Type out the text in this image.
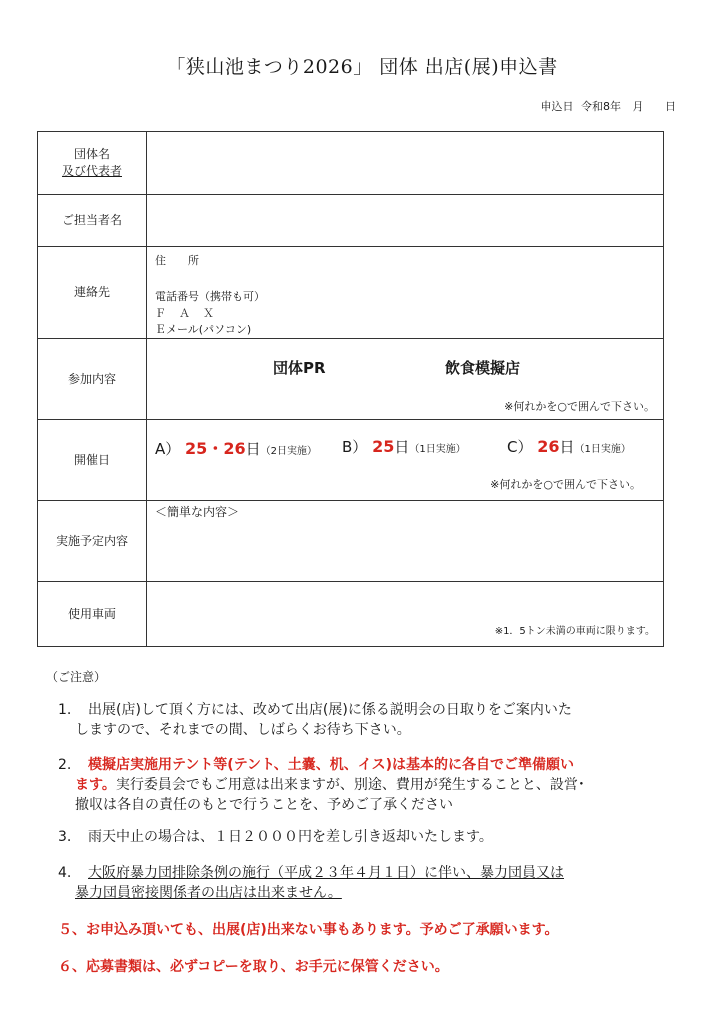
「狭山池まつり2026」 団体 出店(展)申込書
申込日 令和8年 月 日
団体名
及び代表者	

ご担当者名	
連絡先	住　　所
電話番号（携帯も可）
Ｆ　Ａ　Ｘ
Ｅメール(パソコン)

参加内容	団体PR 飲食模擬店
※何れかを○で囲んで下さい。

開催日	A） 25・26日（2日実施） B） 25日（1日実施） C） 26日（1日実施）
※何れかを○で囲んで下さい。

実施予定内容	＜簡単な内容＞

使用車両	※1．5トン未満の車両に限ります。
（ご注意）
1. 出展(店)して頂く方には、改めて出店(展)に係る説明会の日取りをご案内いた
しますので、それまでの間、しばらくお待ち下さい。
2. 模擬店実施用テント等(テント、土嚢、机、イス)は基本的に各自でご準備願い
ます。実行委員会でもご用意は出来ますが、別途、費用が発生することと、設営･
撤収は各自の責任のもとで行うことを、予めご了承ください
3. 雨天中止の場合は、１日２０００円を差し引き返却いたします。
4. 大阪府暴力団排除条例の施行（平成２３年４月１日）に伴い、暴力団員又は
暴力団員密接関係者の出店は出来ません。
５、お申込み頂いても、出展(店)出来ない事もあります。予めご了承願います。
６、応募書類は、必ずコピーを取り、お手元に保管ください。
